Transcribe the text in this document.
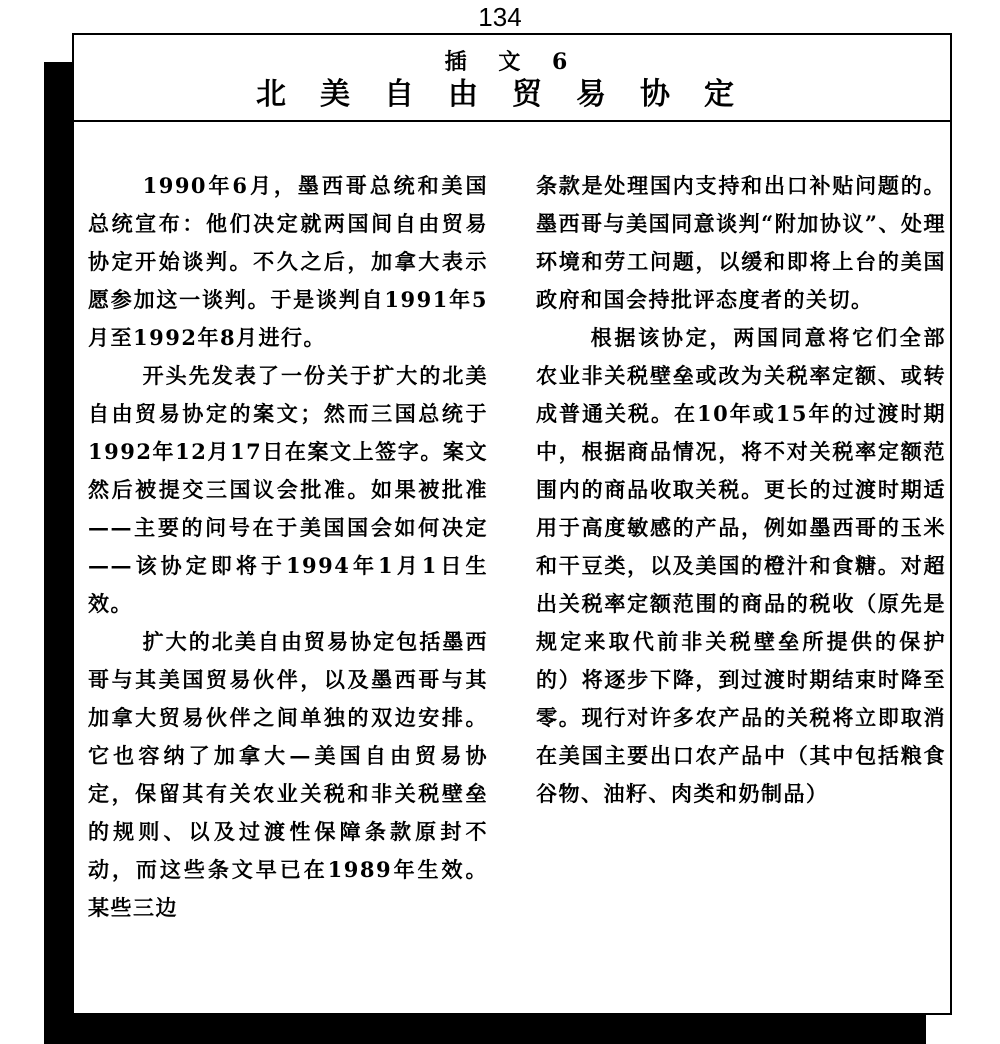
134
插 文 6
北美自由贸易协定

1990年6月，墨西哥总统和美国总统宣布：他们决定就两国间自由贸易协定开始谈判。不久之后，加拿大表示愿参加这一谈判。于是谈判自1991年5月至1992年8月进行。

开头先发表了一份关于扩大的北美自由贸易协定的案文；然而三国总统于1992年12月17日在案文上签字。案文然后被提交三国议会批准。如果被批准——主要的问号在于美国国会如何决定——该协定即将于1994年1月1日生效。

扩大的北美自由贸易协定包括墨西哥与其美国贸易伙伴，以及墨西哥与其加拿大贸易伙伴之间单独的双边安排。它也容纳了加拿大—美国自由贸易协定，保留其有关农业关税和非关税壁垒的规则、以及过渡性保障条款原封不动，而这些条文早已在1989年生效。某些三边

条款是处理国内支持和出口补贴问题的。墨西哥与美国同意谈判“附加协议”、处理环境和劳工问题，以缓和即将上台的美国政府和国会持批评态度者的关切。

根据该协定，两国同意将它们全部农业非关税壁垒或改为关税率定额、或转成普通关税。在10年或15年的过渡时期中，根据商品情况，将不对关税率定额范围内的商品收取关税。更长的过渡时期适用于高度敏感的产品，例如墨西哥的玉米和干豆类，以及美国的橙汁和食糖。对超出关税率定额范围的商品的税收（原先是规定来取代前非关税壁垒所提供的保护的）将逐步下降，到过渡时期结束时降至零。现行对许多农产品的关税将立即取消 在美国主要出口农产品中（其中包括粮食谷物、油籽、肉类和奶制品）
